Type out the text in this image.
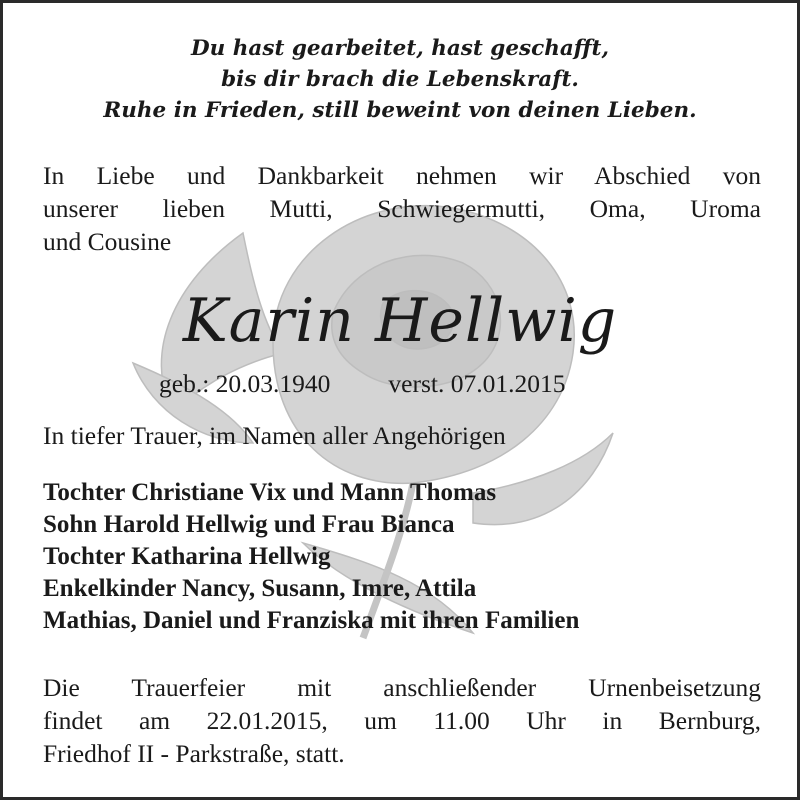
Du hast gearbeitet, hast geschafft,
bis dir brach die Lebenskraft.
Ruhe in Frieden, still beweint von deinen Lieben.
In Liebe und Dankbarkeit nehmen wir Abschied von
unserer lieben Mutti, Schwiegermutti, Oma, Uroma
und Cousine
Karin Hellwig
geb.: 20.03.1940 verst. 07.01.2015
In tiefer Trauer, im Namen aller Angehörigen
Tochter Christiane Vix und Mann Thomas
Sohn Harold Hellwig und Frau Bianca
Tochter Katharina Hellwig
Enkelkinder Nancy, Susann, Imre, Attila
Mathias, Daniel und Franziska mit ihren Familien
Die Trauerfeier mit anschließender Urnenbeisetzung
findet am 22.01.2015, um 11.00 Uhr in Bernburg,
Friedhof II - Parkstraße, statt.
